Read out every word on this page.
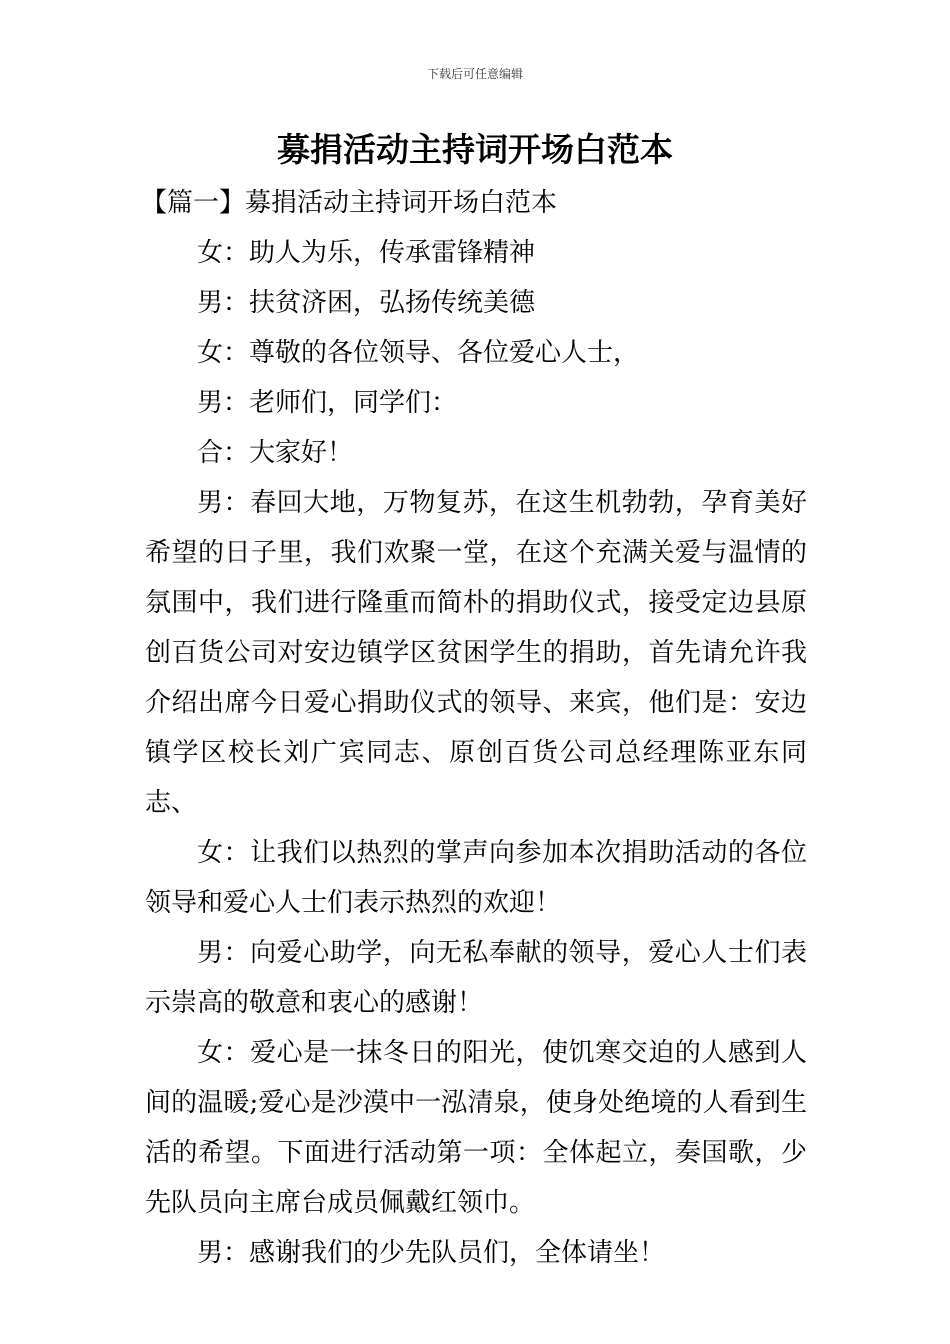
下载后可任意编辑
募捐活动主持词开场白范本

【篇一】募捐活动主持词开场白范本

女：助人为乐，传承雷锋精神

男：扶贫济困，弘扬传统美德

女：尊敬的各位领导、各位爱心人士，

男：老师们，同学们：

合：大家好！

男：春回大地，万物复苏，在这生机勃勃，孕育美好希望的日子里，我们欢聚一堂，在这个充满关爱与温情的氛围中，我们进行隆重而简朴的捐助仪式，接受定边县原创百货公司对安边镇学区贫困学生的捐助，首先请允许我介绍出席今日爱心捐助仪式的领导、来宾，他们是：安边镇学区校长刘广宾同志、原创百货公司总经理陈亚东同志、

女：让我们以热烈的掌声向参加本次捐助活动的各位领导和爱心人士们表示热烈的欢迎！

男：向爱心助学，向无私奉献的领导，爱心人士们表示崇高的敬意和衷心的感谢！

女：爱心是一抹冬日的阳光，使饥寒交迫的人感到人间的温暖;爱心是沙漠中一泓清泉，使身处绝境的人看到生活的希望。下面进行活动第一项：全体起立，奏国歌，少先队员向主席台成员佩戴红领巾。

男：感谢我们的少先队员们，全体请坐！
